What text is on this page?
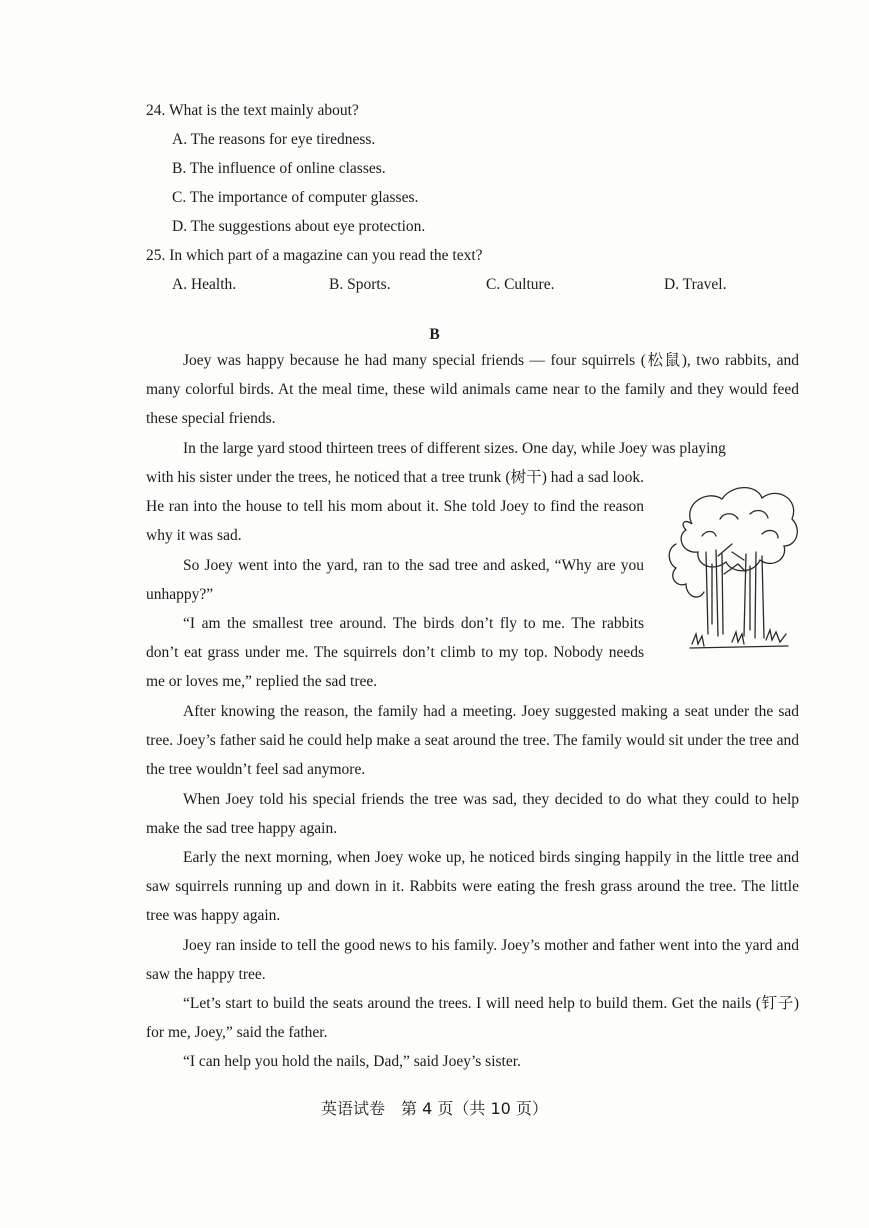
24. What is the text mainly about?
A. The reasons for eye tiredness.
B. The influence of online classes.
C. The importance of computer glasses.
D. The suggestions about eye protection.
25. In which part of a magazine can you read the text?
A. Health.	B. Sports.	C. Culture.	D. Travel.
B

Joey was happy because he had many special friends — four squirrels (松鼠), two rabbits, and many colorful birds. At the meal time, these wild animals came near to the family and they would feed these special friends.

In the large yard stood thirteen trees of different sizes. One day, while Joey was playing

with his sister under the trees, he noticed that a tree trunk (树干) had a sad look. He ran into the house to tell his mom about it. She told Joey to find the reason why it was sad.

So Joey went into the yard, ran to the sad tree and asked, “Why are you unhappy?”

“I am the smallest tree around. The birds don’t fly to me. The rabbits don’t eat grass under me. The squirrels don’t climb to my top. Nobody needs me or loves me,” replied the sad tree.

After knowing the reason, the family had a meeting. Joey suggested making a seat under the sad tree. Joey’s father said he could help make a seat around the tree. The family would sit under the tree and the tree wouldn’t feel sad anymore.

When Joey told his special friends the tree was sad, they decided to do what they could to help make the sad tree happy again.

Early the next morning, when Joey woke up, he noticed birds singing happily in the little tree and saw squirrels running up and down in it. Rabbits were eating the fresh grass around the tree. The little tree was happy again.

Joey ran inside to tell the good news to his family. Joey’s mother and father went into the yard and saw the happy tree.

“Let’s start to build the seats around the trees. I will need help to build them. Get the nails (钉子) for me, Joey,” said the father.

“I can help you hold the nails, Dad,” said Joey’s sister.

英语试卷　第 4 页（共 10 页）
